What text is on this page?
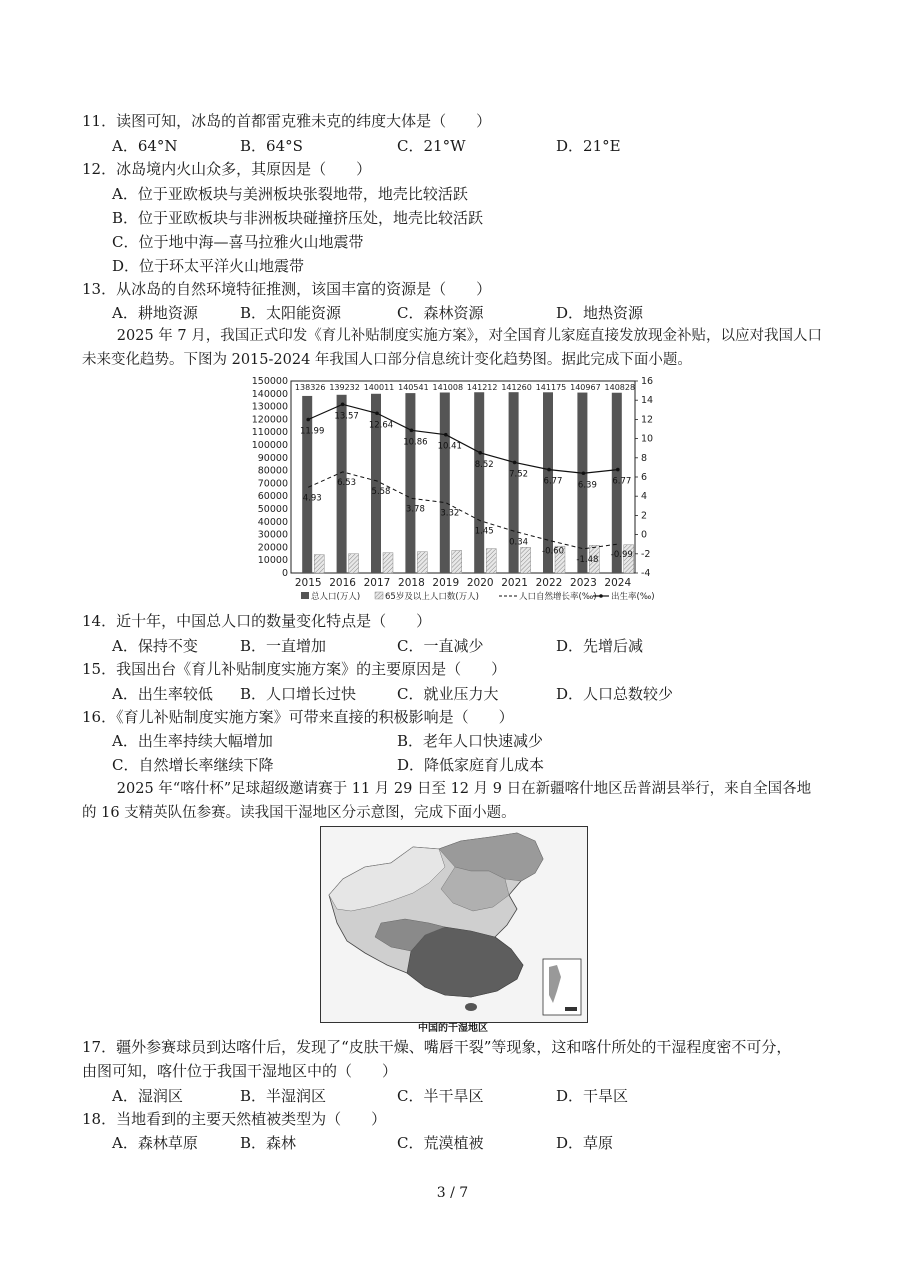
11．读图可知，冰岛的首都雷克雅未克的纬度大体是（　　）
A．64°N	B．64°S	C．21°W	D．21°E
12．冰岛境内火山众多，其原因是（　　）
A．位于亚欧板块与美洲板块张裂地带，地壳比较活跃
B．位于亚欧板块与非洲板块碰撞挤压处，地壳比较活跃
C．位于地中海—喜马拉雅火山地震带
D．位于环太平洋火山地震带
13．从冰岛的自然环境特征推测，该国丰富的资源是（　　）
A．耕地资源	B．太阳能资源	C．森林资源	D．地热资源
2025 年 7 月，我国正式印发《育儿补贴制度实施方案》，对全国育儿家庭直接发放现金补贴，以应对我国人口未来变化趋势。下图为 2015-2024 年我国人口部分信息统计变化趋势图。据此完成下面小题。
150000
140000
130000
120000
110000
100000
90000
80000
70000
60000
50000
40000
30000
20000
10000
0
16
14
12
10
8
6
4
2
0
-2
-4
138326
2015
139232
2016
140011
2017
140541
2018
141008
2019
141212
2020
141260
2021
141175
2022
140967
2023
140828
2024
11.99
4.93
13.57
6.53
12.64
5.58
10.86
3.78
10.41
3.32
8.52
1.45
7.52
0.34
6.77
-0.60
6.39
-1.48
6.77
-0.99
总人口(万人)	65岁及以上人口数(万人)	人口自然增长率(‰) 出生率(‰)
14．近十年，中国总人口的数量变化特点是（　　）
A．保持不变	B．一直增加	C．一直减少	D．先增后减
15．我国出台《育儿补贴制度实施方案》的主要原因是（　　）
A．出生率较低 B．人口增长过快	C．就业压力大	D．人口总数较少
16．《育儿补贴制度实施方案》可带来直接的积极影响是（　　）
A．出生率持续大幅增加	B．老年人口快速减少
C．自然增长率继续下降	D．降低家庭育儿成本
2025 年“喀什杯”足球超级邀请赛于 11 月 29 日至 12 月 9 日在新疆喀什地区岳普湖县举行，来自全国各地的 16 支精英队伍参赛。读我国干湿地区分示意图，完成下面小题。
中国的干湿地区
17．疆外参赛球员到达喀什后，发现了“皮肤干燥、嘴唇干裂”等现象，这和喀什所处的干湿程度密不可分，
由图可知，喀什位于我国干湿地区中的（　　）
A．湿润区	B．半湿润区	C．半干旱区	D．干旱区
18．当地看到的主要天然植被类型为（　　）
A．森林草原	B．森林	C．荒漠植被	D．草原
3 / 7
